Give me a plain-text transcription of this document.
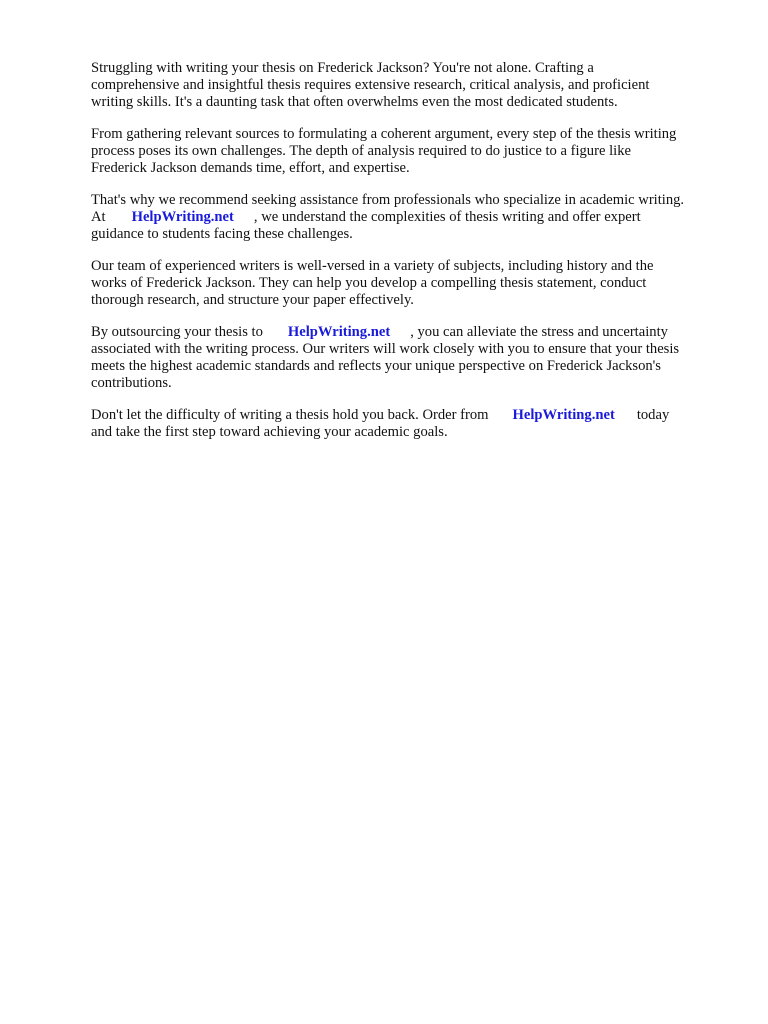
Struggling with writing your thesis on Frederick Jackson? You're not alone. Crafting a
comprehensive and insightful thesis requires extensive research, critical analysis, and proficient
writing skills. It's a daunting task that often overwhelms even the most dedicated students.

From gathering relevant sources to formulating a coherent argument, every step of the thesis writing
process poses its own challenges. The depth of analysis required to do justice to a figure like
Frederick Jackson demands time, effort, and expertise.

That's why we recommend seeking assistance from professionals who specialize in academic writing.
At HelpWriting.net , we understand the complexities of thesis writing and offer expert
guidance to students facing these challenges.

Our team of experienced writers is well-versed in a variety of subjects, including history and the
works of Frederick Jackson. They can help you develop a compelling thesis statement, conduct
thorough research, and structure your paper effectively.

By outsourcing your thesis to HelpWriting.net , you can alleviate the stress and uncertainty
associated with the writing process. Our writers will work closely with you to ensure that your thesis
meets the highest academic standards and reflects your unique perspective on Frederick Jackson's
contributions.

Don't let the difficulty of writing a thesis hold you back. Order from HelpWriting.net today
and take the first step toward achieving your academic goals.
